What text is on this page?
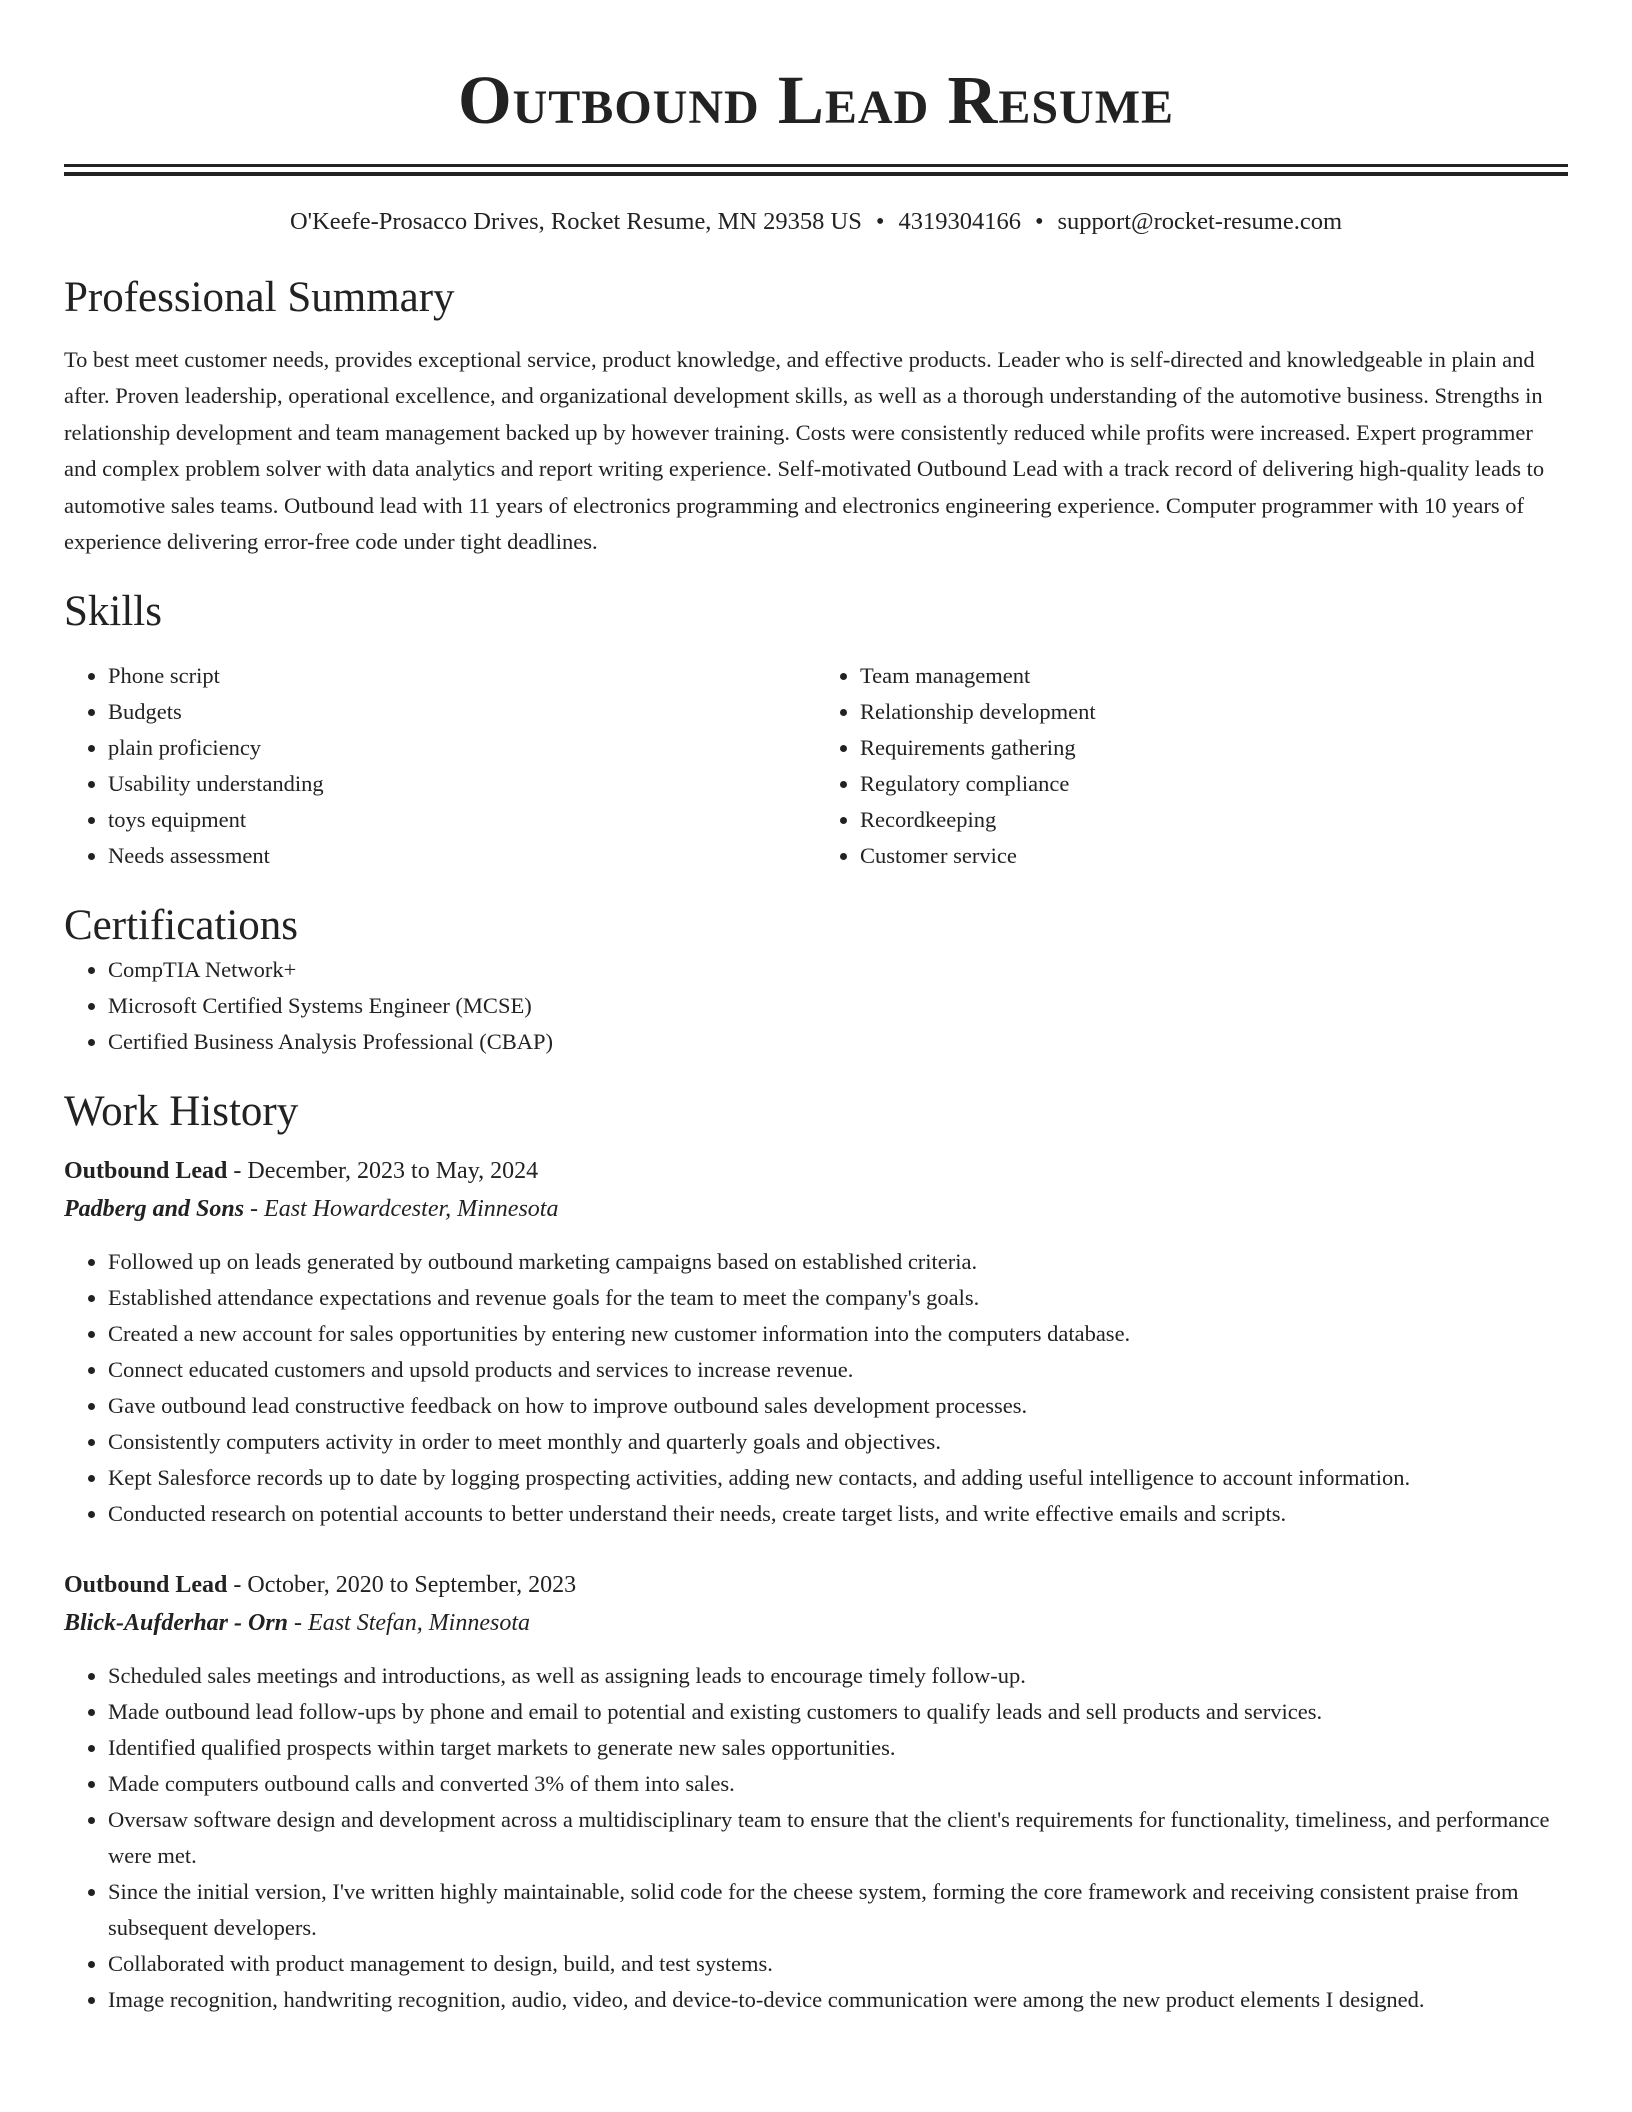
Outbound Lead Resume
O'Keefe-Prosacco Drives, Rocket Resume, MN 29358 US • 4319304166 • support@rocket-resume.com
Professional Summary

To best meet customer needs, provides exceptional service, product knowledge, and effective products. Leader who is self-directed and knowledgeable in plain and after. Proven leadership, operational excellence, and organizational development skills, as well as a thorough understanding of the automotive business. Strengths in relationship development and team management backed up by however training. Costs were consistently reduced while profits were increased. Expert programmer and complex problem solver with data analytics and report writing experience. Self-motivated Outbound Lead with a track record of delivering high-quality leads to automotive sales teams. Outbound lead with 11 years of electronics programming and electronics engineering experience. Computer programmer with 10 years of experience delivering error-free code under tight deadlines.

Skills
• Phone script
• Budgets
• plain proficiency
• Usability understanding
• toys equipment
• Needs assessment
• Team management
• Relationship development
• Requirements gathering
• Regulatory compliance
• Recordkeeping
• Customer service
Certifications
• CompTIA Network+
• Microsoft Certified Systems Engineer (MCSE)
• Certified Business Analysis Professional (CBAP)
Work History
Outbound Lead - December, 2023 to May, 2024
Padberg and Sons - East Howardcester, Minnesota
• Followed up on leads generated by outbound marketing campaigns based on established criteria.
• Established attendance expectations and revenue goals for the team to meet the company's goals.
• Created a new account for sales opportunities by entering new customer information into the computers database.
• Connect educated customers and upsold products and services to increase revenue.
• Gave outbound lead constructive feedback on how to improve outbound sales development processes.
• Consistently computers activity in order to meet monthly and quarterly goals and objectives.
• Kept Salesforce records up to date by logging prospecting activities, adding new contacts, and adding useful intelligence to account information.
• Conducted research on potential accounts to better understand their needs, create target lists, and write effective emails and scripts.
Outbound Lead - October, 2020 to September, 2023
Blick-Aufderhar - Orn - East Stefan, Minnesota
• Scheduled sales meetings and introductions, as well as assigning leads to encourage timely follow-up.
• Made outbound lead follow-ups by phone and email to potential and existing customers to qualify leads and sell products and services.
• Identified qualified prospects within target markets to generate new sales opportunities.
• Made computers outbound calls and converted 3% of them into sales.
• Oversaw software design and development across a multidisciplinary team to ensure that the client's requirements for functionality, timeliness, and performance were met.
• Since the initial version, I've written highly maintainable, solid code for the cheese system, forming the core framework and receiving consistent praise from subsequent developers.
• Collaborated with product management to design, build, and test systems.
• Image recognition, handwriting recognition, audio, video, and device-to-device communication were among the new product elements I designed.
